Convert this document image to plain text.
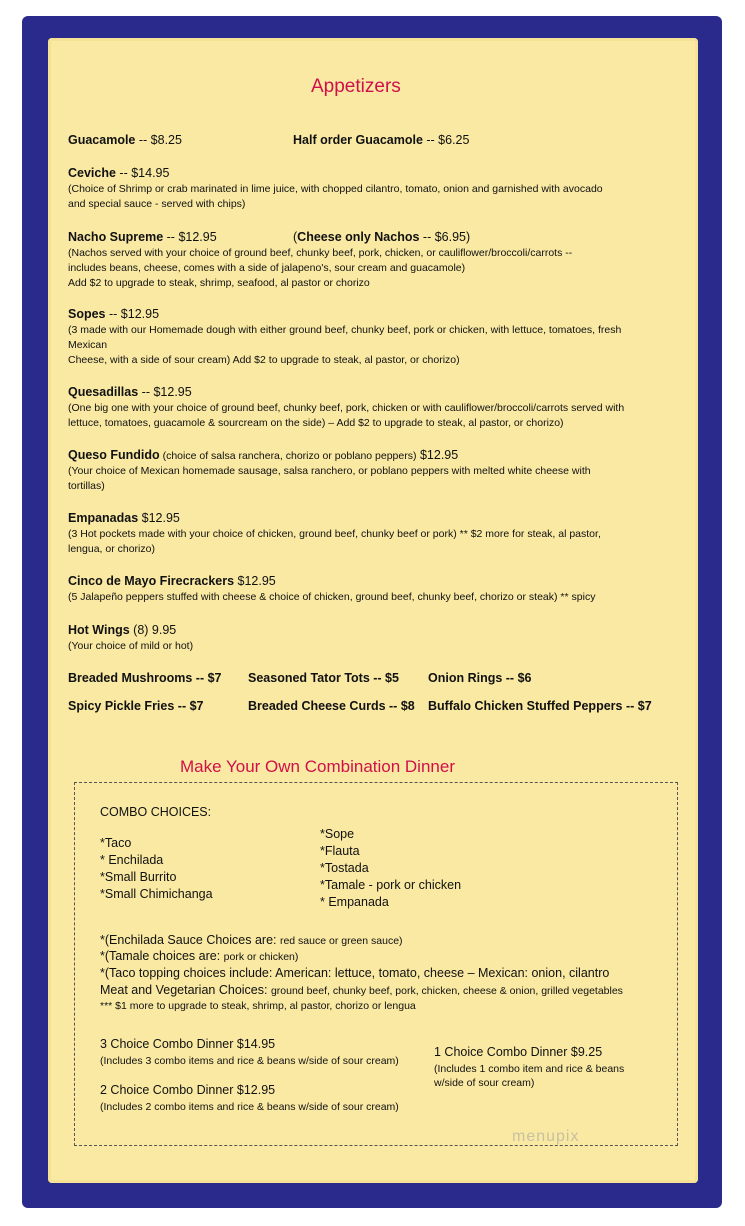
Appetizers
Guacamole -- $8.25	Half order Guacamole -- $6.25
Ceviche -- $14.95
(Choice of Shrimp or crab marinated in lime juice, with chopped cilantro, tomato, onion and garnished with avocado
and special sauce - served with chips)
Nacho Supreme -- $12.95	(Cheese only Nachos -- $6.95)
(Nachos served with your choice of ground beef, chunky beef, pork, chicken, or cauliflower/broccoli/carrots --
includes beans, cheese, comes with a side of jalapeno's, sour cream and guacamole)
Add $2 to upgrade to steak, shrimp, seafood, al pastor or chorizo
Sopes -- $12.95
(3 made with our Homemade dough with either ground beef, chunky beef, pork or chicken, with lettuce, tomatoes, fresh
Mexican
Cheese, with a side of sour cream) Add $2 to upgrade to steak, al pastor, or chorizo)
Quesadillas -- $12.95
(One big one with your choice of ground beef, chunky beef, pork, chicken or with cauliflower/broccoli/carrots served with
lettuce, tomatoes, guacamole & sourcream on the side) – Add $2 to upgrade to steak, al pastor, or chorizo)
Queso Fundido (choice of salsa ranchera, chorizo or poblano peppers) $12.95
(Your choice of Mexican homemade sausage, salsa ranchero, or poblano peppers with melted white cheese with
tortillas)
Empanadas $12.95
(3 Hot pockets made with your choice of chicken, ground beef, chunky beef or pork) ** $2 more for steak, al pastor,
lengua, or chorizo)
Cinco de Mayo Firecrackers $12.95
(5 Jalapeño peppers stuffed with cheese & choice of chicken, ground beef, chunky beef, chorizo or steak) ** spicy
Hot Wings (8) 9.95
(Your choice of mild or hot)
Breaded Mushrooms -- $7 Seasoned Tator Tots -- $5 Onion Rings -- $6
Spicy Pickle Fries -- $7	Breaded Cheese Curds -- $8 Buffalo Chicken Stuffed Peppers -- $7
Make Your Own Combination Dinner
COMBO CHOICES:
*Taco
* Enchilada
*Small Burrito
*Small Chimichanga
*Sope
*Flauta
*Tostada
*Tamale - pork or chicken
* Empanada
*(Enchilada Sauce Choices are: red sauce or green sauce)
*(Tamale choices are: pork or chicken)
*(Taco topping choices include: American: lettuce, tomato, cheese – Mexican: onion, cilantro
Meat and Vegetarian Choices: ground beef, chunky beef, pork, chicken, cheese & onion, grilled vegetables
*** $1 more to upgrade to steak, shrimp, al pastor, chorizo or lengua
3 Choice Combo Dinner $14.95
(Includes 3 combo items and rice & beans w/side of sour cream)
2 Choice Combo Dinner $12.95
(Includes 2 combo items and rice & beans w/side of sour cream)
1 Choice Combo Dinner $9.25
(Includes 1 combo item and rice & beans
w/side of sour cream)
menupix
